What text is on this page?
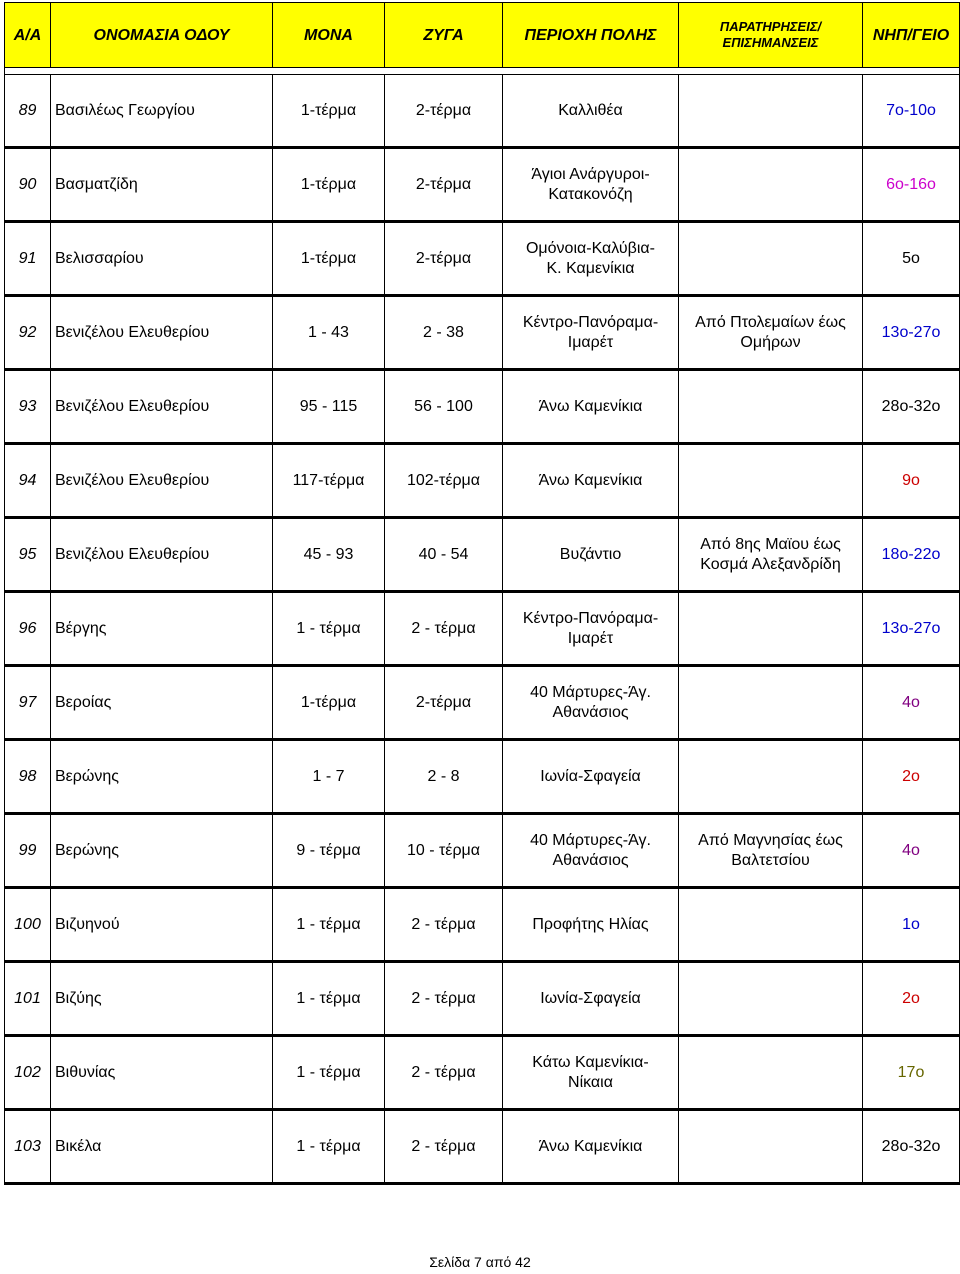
Α/Α	ΟΝΟΜΑΣΙΑ ΟΔΟΥ	ΜΟΝΑ	ΖΥΓΑ	ΠΕΡΙΟΧΗ ΠΟΛΗΣ	ΠΑΡΑΤΗΡΗΣΕΙΣ/
ΕΠΙΣΗΜΑΝΣΕΙΣ	ΝΗΠ/ΓΕΙΟ

89	Βασιλέως Γεωργίου	1-τέρμα	2-τέρμα	Καλλιθέα		7ο-10ο
90	Βασματζίδη	1-τέρμα	2-τέρμα	Άγιοι Ανάργυροι-
Κατακονόζη		6ο-16ο
91	Βελισσαρίου	1-τέρμα	2-τέρμα	Ομόνοια-Καλύβια-
Κ. Καμενίκια		5ο
92	Βενιζέλου Ελευθερίου	1 - 43	2 - 38	Κέντρο-Πανόραμα-
Ιμαρέτ	Από Πτολεμαίων έως
Ομήρων	13ο-27ο
93	Βενιζέλου Ελευθερίου	95 - 115	56 - 100	Άνω Καμενίκια		28ο-32ο
94	Βενιζέλου Ελευθερίου	117-τέρμα	102-τέρμα	Άνω Καμενίκια		9ο
95	Βενιζέλου Ελευθερίου	45 - 93	40 - 54	Βυζάντιο	Από 8ης Μαϊου έως
Κοσμά Αλεξανδρίδη	18ο-22ο
96	Βέργης	1 - τέρμα	2 - τέρμα	Κέντρο-Πανόραμα-
Ιμαρέτ		13ο-27ο
97	Βεροίας	1-τέρμα	2-τέρμα	40 Μάρτυρες-Άγ.
Αθανάσιος		4ο
98	Βερώνης	1 - 7	2 - 8	Ιωνία-Σφαγεία		2ο
99	Βερώνης	9 - τέρμα	10 - τέρμα	40 Μάρτυρες-Άγ.
Αθανάσιος	Από Μαγνησίας έως
Βαλτετσίου	4ο
100	Βιζυηνού	1 - τέρμα	2 - τέρμα	Προφήτης Ηλίας		1ο
101	Βιζύης	1 - τέρμα	2 - τέρμα	Ιωνία-Σφαγεία		2ο
102	Βιθυνίας	1 - τέρμα	2 - τέρμα	Κάτω Καμενίκια-
Νίκαια		17ο
103	Βικέλα	1 - τέρμα	2 - τέρμα	Άνω Καμενίκια		28ο-32ο
Σελίδα 7 από 42
